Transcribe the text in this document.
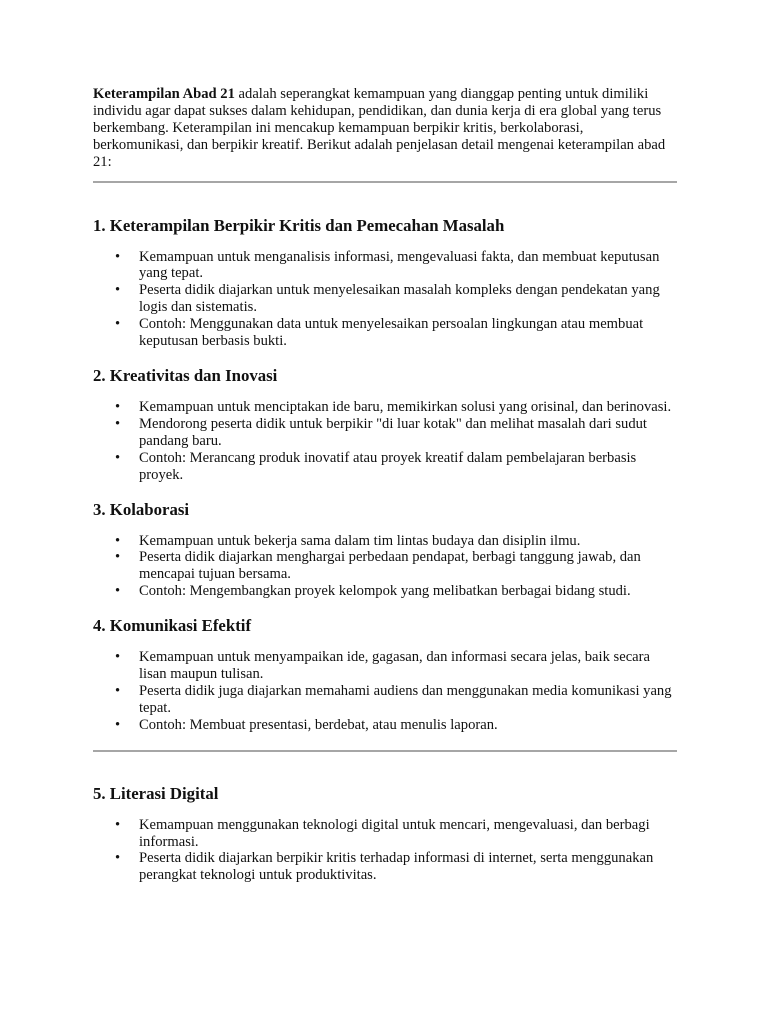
Keterampilan Abad 21 adalah seperangkat kemampuan yang dianggap penting untuk dimiliki individu agar dapat sukses dalam kehidupan, pendidikan, dan dunia kerja di era global yang terus berkembang. Keterampilan ini mencakup kemampuan berpikir kritis, berkolaborasi, berkomunikasi, dan berpikir kreatif. Berikut adalah penjelasan detail mengenai keterampilan abad 21:

1. Keterampilan Berpikir Kritis dan Pemecahan Masalah
• Kemampuan untuk menganalisis informasi, mengevaluasi fakta, dan membuat keputusan yang tepat.
• Peserta didik diajarkan untuk menyelesaikan masalah kompleks dengan pendekatan yang logis dan sistematis.
• Contoh: Menggunakan data untuk menyelesaikan persoalan lingkungan atau membuat keputusan berbasis bukti.
2. Kreativitas dan Inovasi
• Kemampuan untuk menciptakan ide baru, memikirkan solusi yang orisinal, dan berinovasi.
• Mendorong peserta didik untuk berpikir "di luar kotak" dan melihat masalah dari sudut pandang baru.
• Contoh: Merancang produk inovatif atau proyek kreatif dalam pembelajaran berbasis proyek.
3. Kolaborasi
• Kemampuan untuk bekerja sama dalam tim lintas budaya dan disiplin ilmu.
• Peserta didik diajarkan menghargai perbedaan pendapat, berbagi tanggung jawab, dan mencapai tujuan bersama.
• Contoh: Mengembangkan proyek kelompok yang melibatkan berbagai bidang studi.
4. Komunikasi Efektif
• Kemampuan untuk menyampaikan ide, gagasan, dan informasi secara jelas, baik secara lisan maupun tulisan.
• Peserta didik juga diajarkan memahami audiens dan menggunakan media komunikasi yang tepat.
• Contoh: Membuat presentasi, berdebat, atau menulis laporan.
5. Literasi Digital
• Kemampuan menggunakan teknologi digital untuk mencari, mengevaluasi, dan berbagi informasi.
• Peserta didik diajarkan berpikir kritis terhadap informasi di internet, serta menggunakan perangkat teknologi untuk produktivitas.
